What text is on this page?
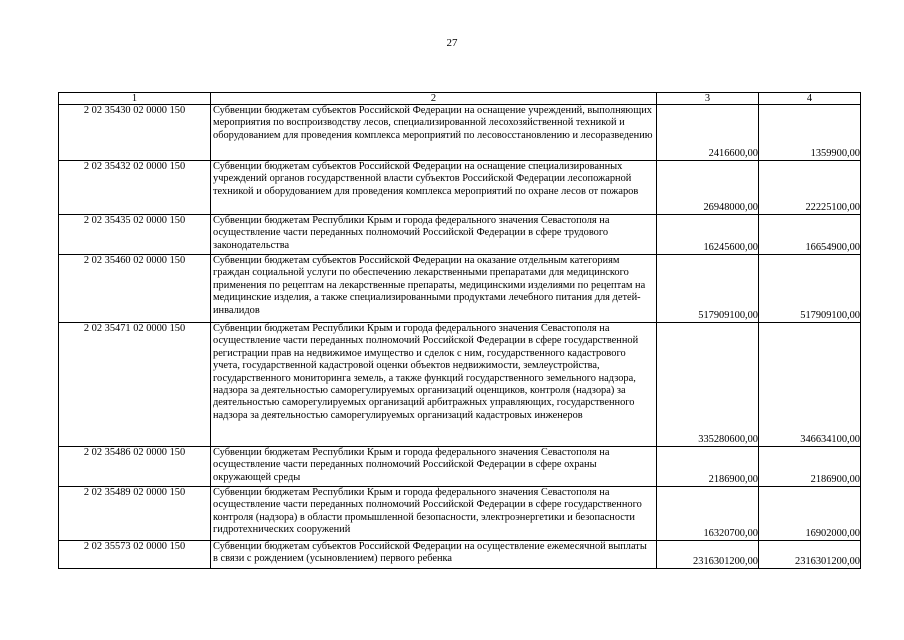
27
1	2	3	4
2 02 35430 02 0000 150	Субвенции бюджетам субъектов Российской Федерации на оснащение учреждений, выполняющих мероприятия по воспроизводству лесов, специализированной лесохозяйственной техникой и оборудованием для проведения комплекса мероприятий по лесовосстановлению и лесоразведению	2416600,00	1359900,00
2 02 35432 02 0000 150	Субвенции бюджетам субъектов Российской Федерации на оснащение специализированных учреждений органов государственной власти субъектов Российской Федерации лесопожарной техникой и оборудованием для проведения комплекса мероприятий по охране лесов от пожаров	26948000,00	22225100,00
2 02 35435 02 0000 150	Субвенции бюджетам Республики Крым и города федерального значения Севастополя на осуществление части переданных полномочий Российской Федерации в сфере трудового законодательства	16245600,00	16654900,00
2 02 35460 02 0000 150	Субвенции бюджетам субъектов Российской Федерации на оказание отдельным категориям граждан социальной услуги по обеспечению лекарственными препаратами для медицинского применения по рецептам на лекарственные препараты, медицинскими изделиями по рецептам на медицинские изделия, а также специализированными продуктами лечебного питания для детей-инвалидов	517909100,00	517909100,00
2 02 35471 02 0000 150	Субвенции бюджетам Республики Крым и города федерального значения Севастополя на осуществление части переданных полномочий Российской Федерации в сфере государственной регистрации прав на недвижимое имущество и сделок с ним, государственного кадастрового учета, государственной кадастровой оценки объектов недвижимости, землеустройства, государственного мониторинга земель, а также функций государственного земельного надзора, надзора за деятельностью саморегулируемых организаций оценщиков, контроля (надзора) за деятельностью саморегулируемых организаций арбитражных управляющих, государственного надзора за деятельностью саморегулируемых организаций кадастровых инженеров	335280600,00	346634100,00
2 02 35486 02 0000 150	Субвенции бюджетам Республики Крым и города федерального значения Севастополя на осуществление части переданных полномочий Российской Федерации в сфере охраны окружающей среды	2186900,00	2186900,00
2 02 35489 02 0000 150	Субвенции бюджетам Республики Крым и города федерального значения Севастополя на осуществление части переданных полномочий Российской Федерации в сфере государственного контроля (надзора) в области промышленной безопасности, электроэнергетики и безопасности гидротехнических сооружений	16320700,00	16902000,00
2 02 35573 02 0000 150	Субвенции бюджетам субъектов Российской Федерации на осуществление ежемесячной выплаты в связи с рождением (усыновлением) первого ребенка	2316301200,00	2316301200,00
